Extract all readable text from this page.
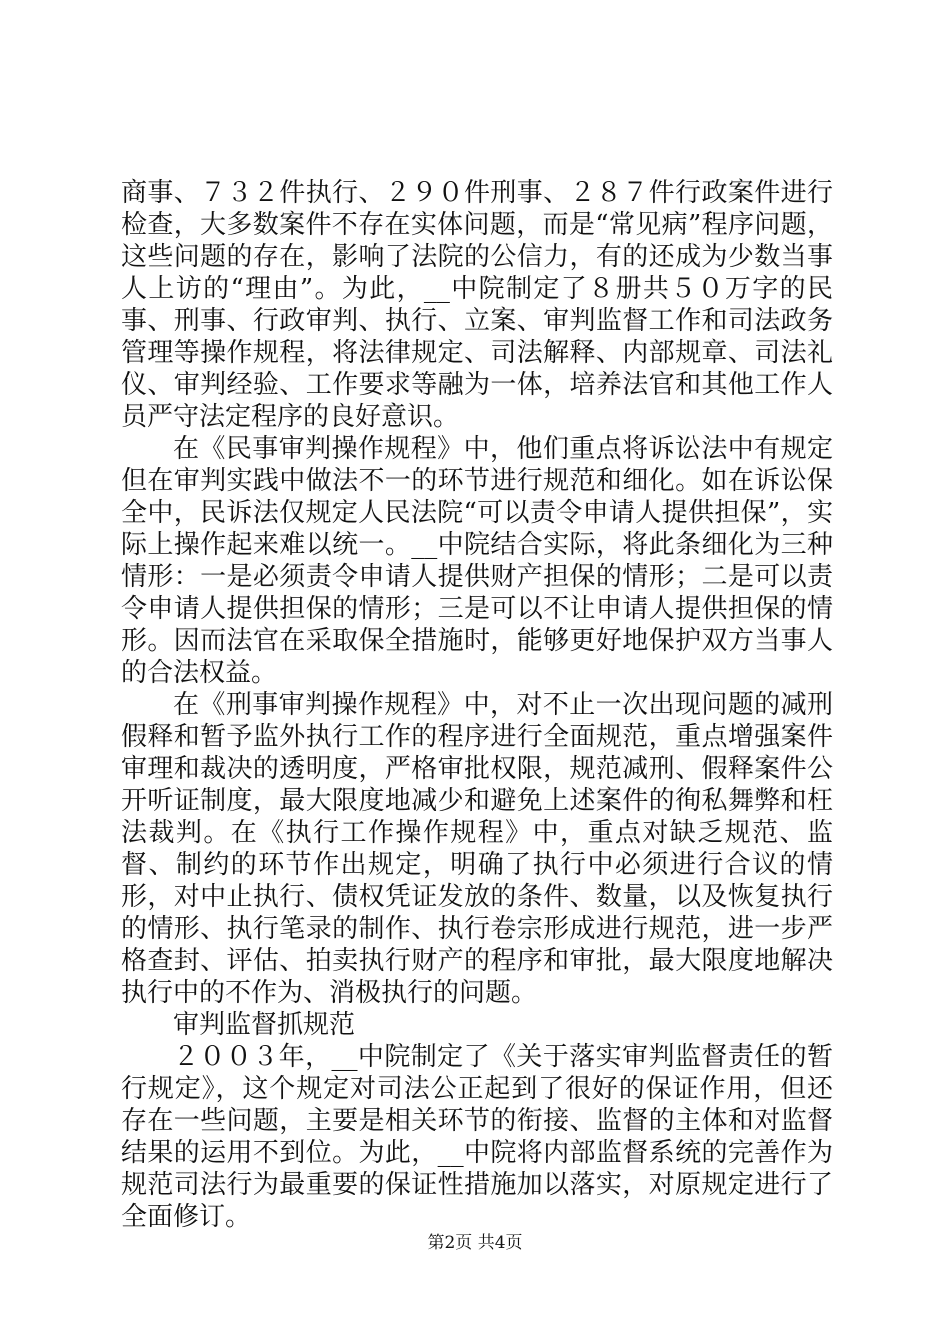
商事、７３２件执行、２９０件刑事、２８７件行政案件进行检查，大多数案件不存在实体问题，而是“常见病”程序问题，这些问题的存在，影响了法院的公信力，有的还成为少数当事人上访的“理由”。为此，__中院制定了８册共５０万字的民事、刑事、行政审判、执行、立案、审判监督工作和司法政务管理等操作规程，将法律规定、司法解释、内部规章、司法礼仪、审判经验、工作要求等融为一体，培养法官和其他工作人员严守法定程序的良好意识。

在《民事审判操作规程》中，他们重点将诉讼法中有规定但在审判实践中做法不一的环节进行规范和细化。如在诉讼保全中，民诉法仅规定人民法院“可以责令申请人提供担保”，实际上操作起来难以统一。__中院结合实际，将此条细化为三种情形：一是必须责令申请人提供财产担保的情形；二是可以责令申请人提供担保的情形；三是可以不让申请人提供担保的情形。因而法官在采取保全措施时，能够更好地保护双方当事人的合法权益。

在《刑事审判操作规程》中，对不止一次出现问题的减刑假释和暂予监外执行工作的程序进行全面规范，重点增强案件审理和裁决的透明度，严格审批权限，规范减刑、假释案件公开听证制度，最大限度地减少和避免上述案件的徇私舞弊和枉法裁判。在《执行工作操作规程》中，重点对缺乏规范、监督、制约的环节作出规定，明确了执行中必须进行合议的情形，对中止执行、债权凭证发放的条件、数量，以及恢复执行的情形、执行笔录的制作、执行卷宗形成进行规范，进一步严格查封、评估、拍卖执行财产的程序和审批，最大限度地解决执行中的不作为、消极执行的问题。

审判监督抓规范

２００３年，__中院制定了《关于落实审判监督责任的暂行规定》，这个规定对司法公正起到了很好的保证作用，但还存在一些问题，主要是相关环节的衔接、监督的主体和对监督结果的运用不到位。为此，__中院将内部监督系统的完善作为规范司法行为最重要的保证性措施加以落实，对原规定进行了全面修订。

第2页 共4页
